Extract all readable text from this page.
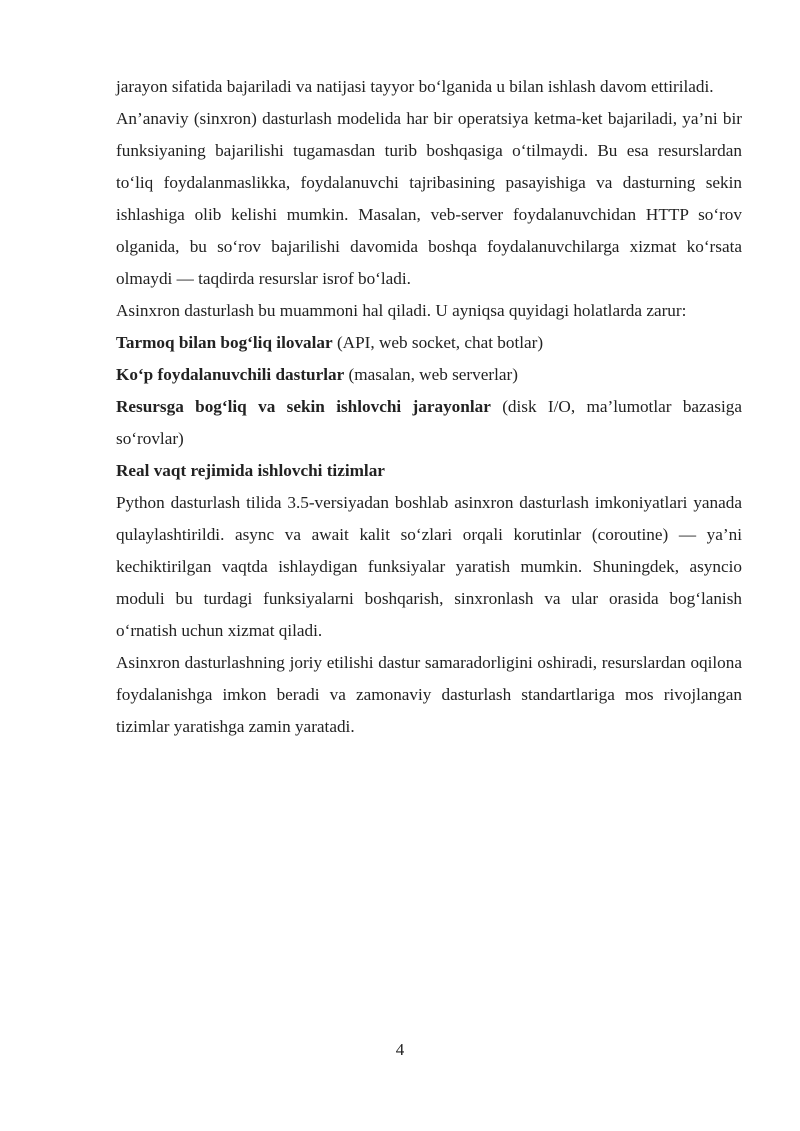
jarayon sifatida bajariladi va natijasi tayyor bo‘lganida u bilan ishlash davom ettiriladi.

An’anaviy (sinxron) dasturlash modelida har bir operatsiya ketma-ket bajariladi, ya’ni bir funksiyaning bajarilishi tugamasdan turib boshqasiga o‘tilmaydi. Bu esa resurslardan to‘liq foydalanmaslikka, foydalanuvchi tajribasining pasayishiga va dasturning sekin ishlashiga olib kelishi mumkin. Masalan, veb-server foydalanuvchidan HTTP so‘rov olganida, bu so‘rov bajarilishi davomida boshqa foydalanuvchilarga xizmat ko‘rsata olmaydi — taqdirda resurslar isrof bo‘ladi.

Asinxron dasturlash bu muammoni hal qiladi. U ayniqsa quyidagi holatlarda zarur:

Tarmoq bilan bog‘liq ilovalar (API, web socket, chat botlar)

Ko‘p foydalanuvchili dasturlar (masalan, web serverlar)

Resursga bog‘liq va sekin ishlovchi jarayonlar (disk I/O, ma’lumotlar bazasiga so‘rovlar)

Real vaqt rejimida ishlovchi tizimlar

Python dasturlash tilida 3.5-versiyadan boshlab asinxron dasturlash imkoniyatlari yanada qulaylashtirildi. async va await kalit so‘zlari orqali korutinlar (coroutine) — ya’ni kechiktirilgan vaqtda ishlaydigan funksiyalar yaratish mumkin. Shuningdek, asyncio moduli bu turdagi funksiyalarni boshqarish, sinxronlash va ular orasida bog‘lanish o‘rnatish uchun xizmat qiladi.

Asinxron dasturlashning joriy etilishi dastur samaradorligini oshiradi, resurslardan oqilona foydalanishga imkon beradi va zamonaviy dasturlash standartlariga mos rivojlangan tizimlar yaratishga zamin yaratadi.

4
